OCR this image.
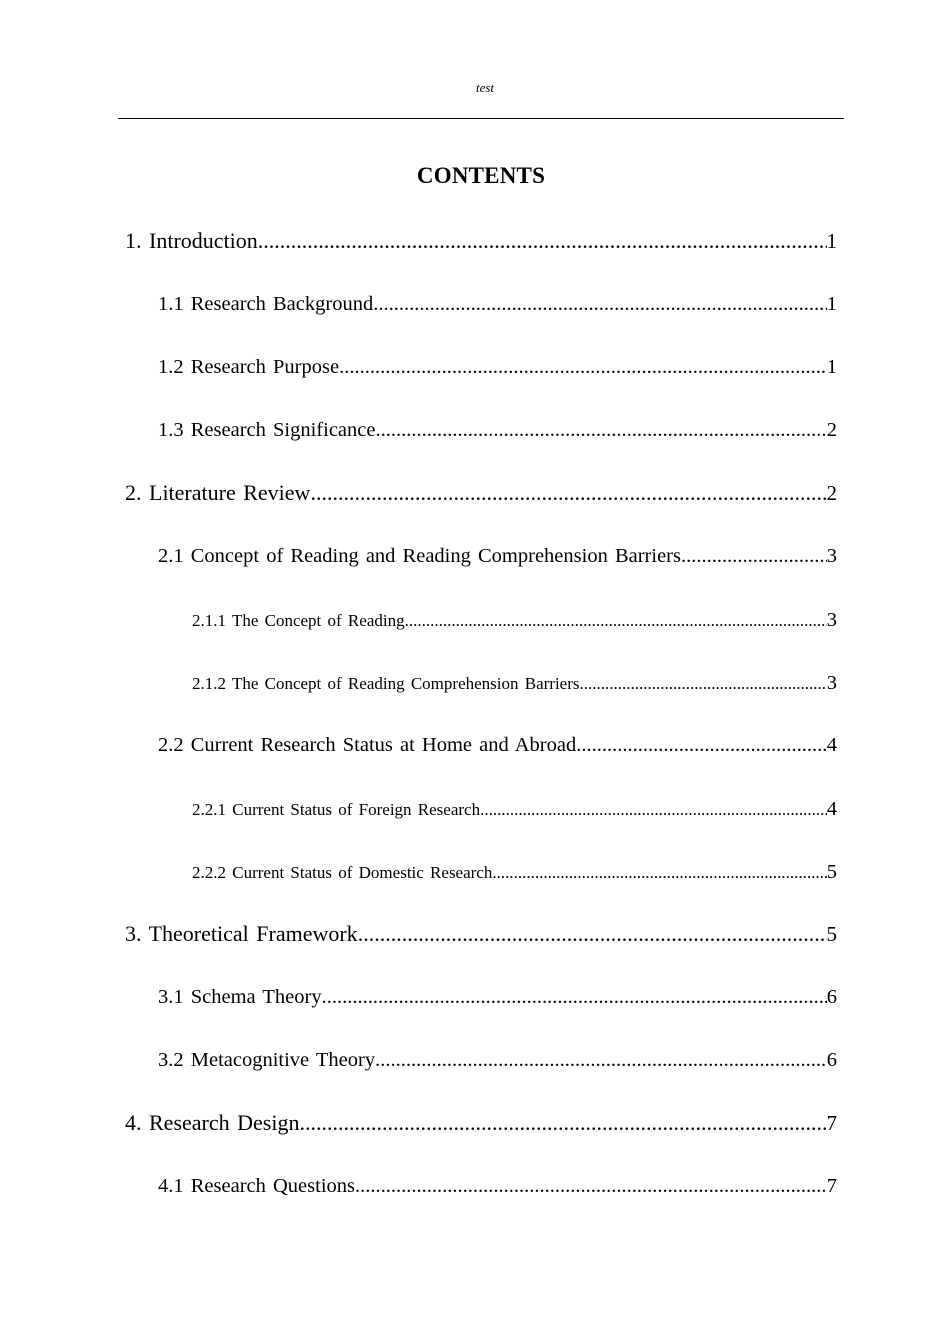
test
CONTENTS
1. Introduction .....	1
1.1 Research Background .....	1
1.2 Research Purpose .....	1
1.3 Research Significance .....	2
2. Literature Review .....	2
2.1 Concept of Reading and Reading Comprehension Barriers .....	3
2.1.1 The Concept of Reading .....	3
2.1.2 The Concept of Reading Comprehension Barriers .....	3
2.2 Current Research Status at Home and Abroad .....	4
2.2.1 Current Status of Foreign Research .....	4
2.2.2 Current Status of Domestic Research .....	5
3. Theoretical Framework .....	5
3.1 Schema Theory .....	6
3.2 Metacognitive Theory .....	6
4. Research Design .....	7
4.1 Research Questions .....	7
